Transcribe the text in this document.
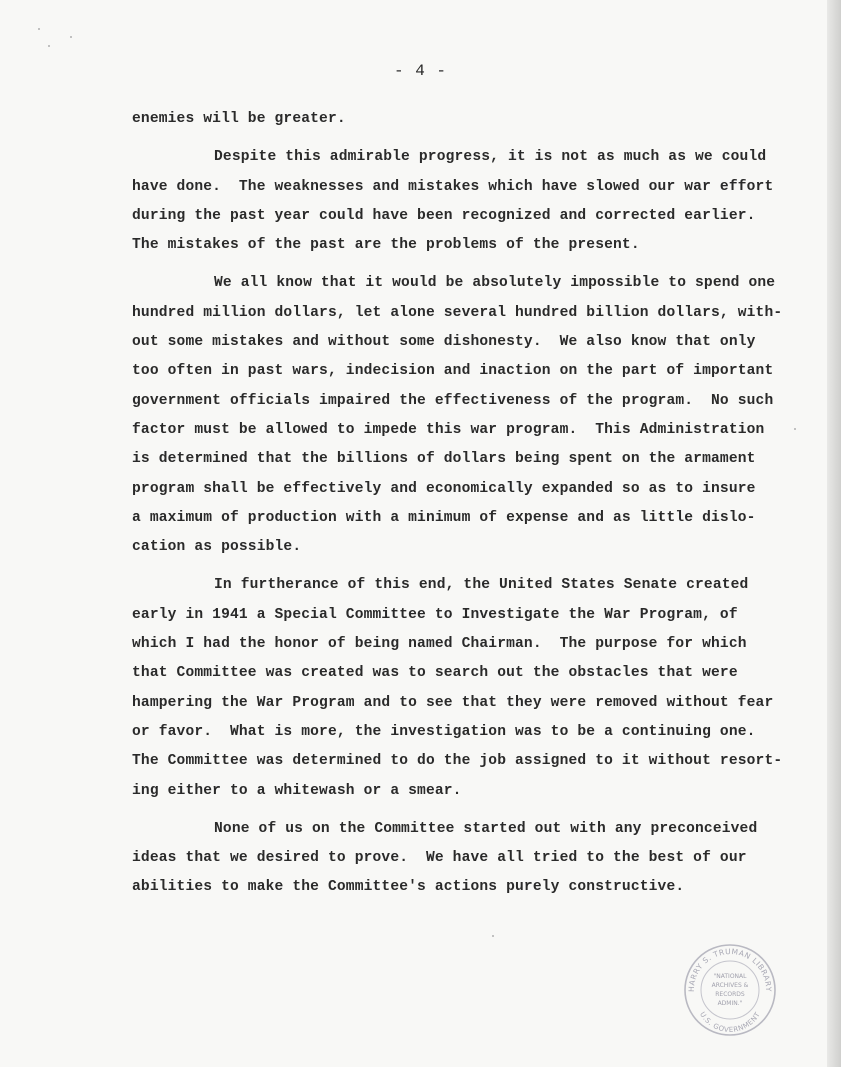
- 4 -
enemies will be greater.
Despite this admirable progress, it is not as much as we could
have done.  The weaknesses and mistakes which have slowed our war effort
during the past year could have been recognized and corrected earlier.
The mistakes of the past are the problems of the present.
We all know that it would be absolutely impossible to spend one
hundred million dollars, let alone several hundred billion dollars, with-
out some mistakes and without some dishonesty.  We also know that only
too often in past wars, indecision and inaction on the part of important
government officials impaired the effectiveness of the program.  No such
factor must be allowed to impede this war program.  This Administration
is determined that the billions of dollars being spent on the armament
program shall be effectively and economically expanded so as to insure
a maximum of production with a minimum of expense and as little dislo-
cation as possible.
In furtherance of this end, the United States Senate created
early in 1941 a Special Committee to Investigate the War Program, of
which I had the honor of being named Chairman.  The purpose for which
that Committee was created was to search out the obstacles that were
hampering the War Program and to see that they were removed without fear
or favor.  What is more, the investigation was to be a continuing one.
The Committee was determined to do the job assigned to it without resort-
ing either to a whitewash or a smear.
None of us on the Committee started out with any preconceived
ideas that we desired to prove.  We have all tried to the best of our
abilities to make the Committee's actions purely constructive.
HARRY S. TRUMAN LIBRARY
U.S. GOVERNMENT
"NATIONAL
ARCHIVES &
RECORDS
ADMIN."
